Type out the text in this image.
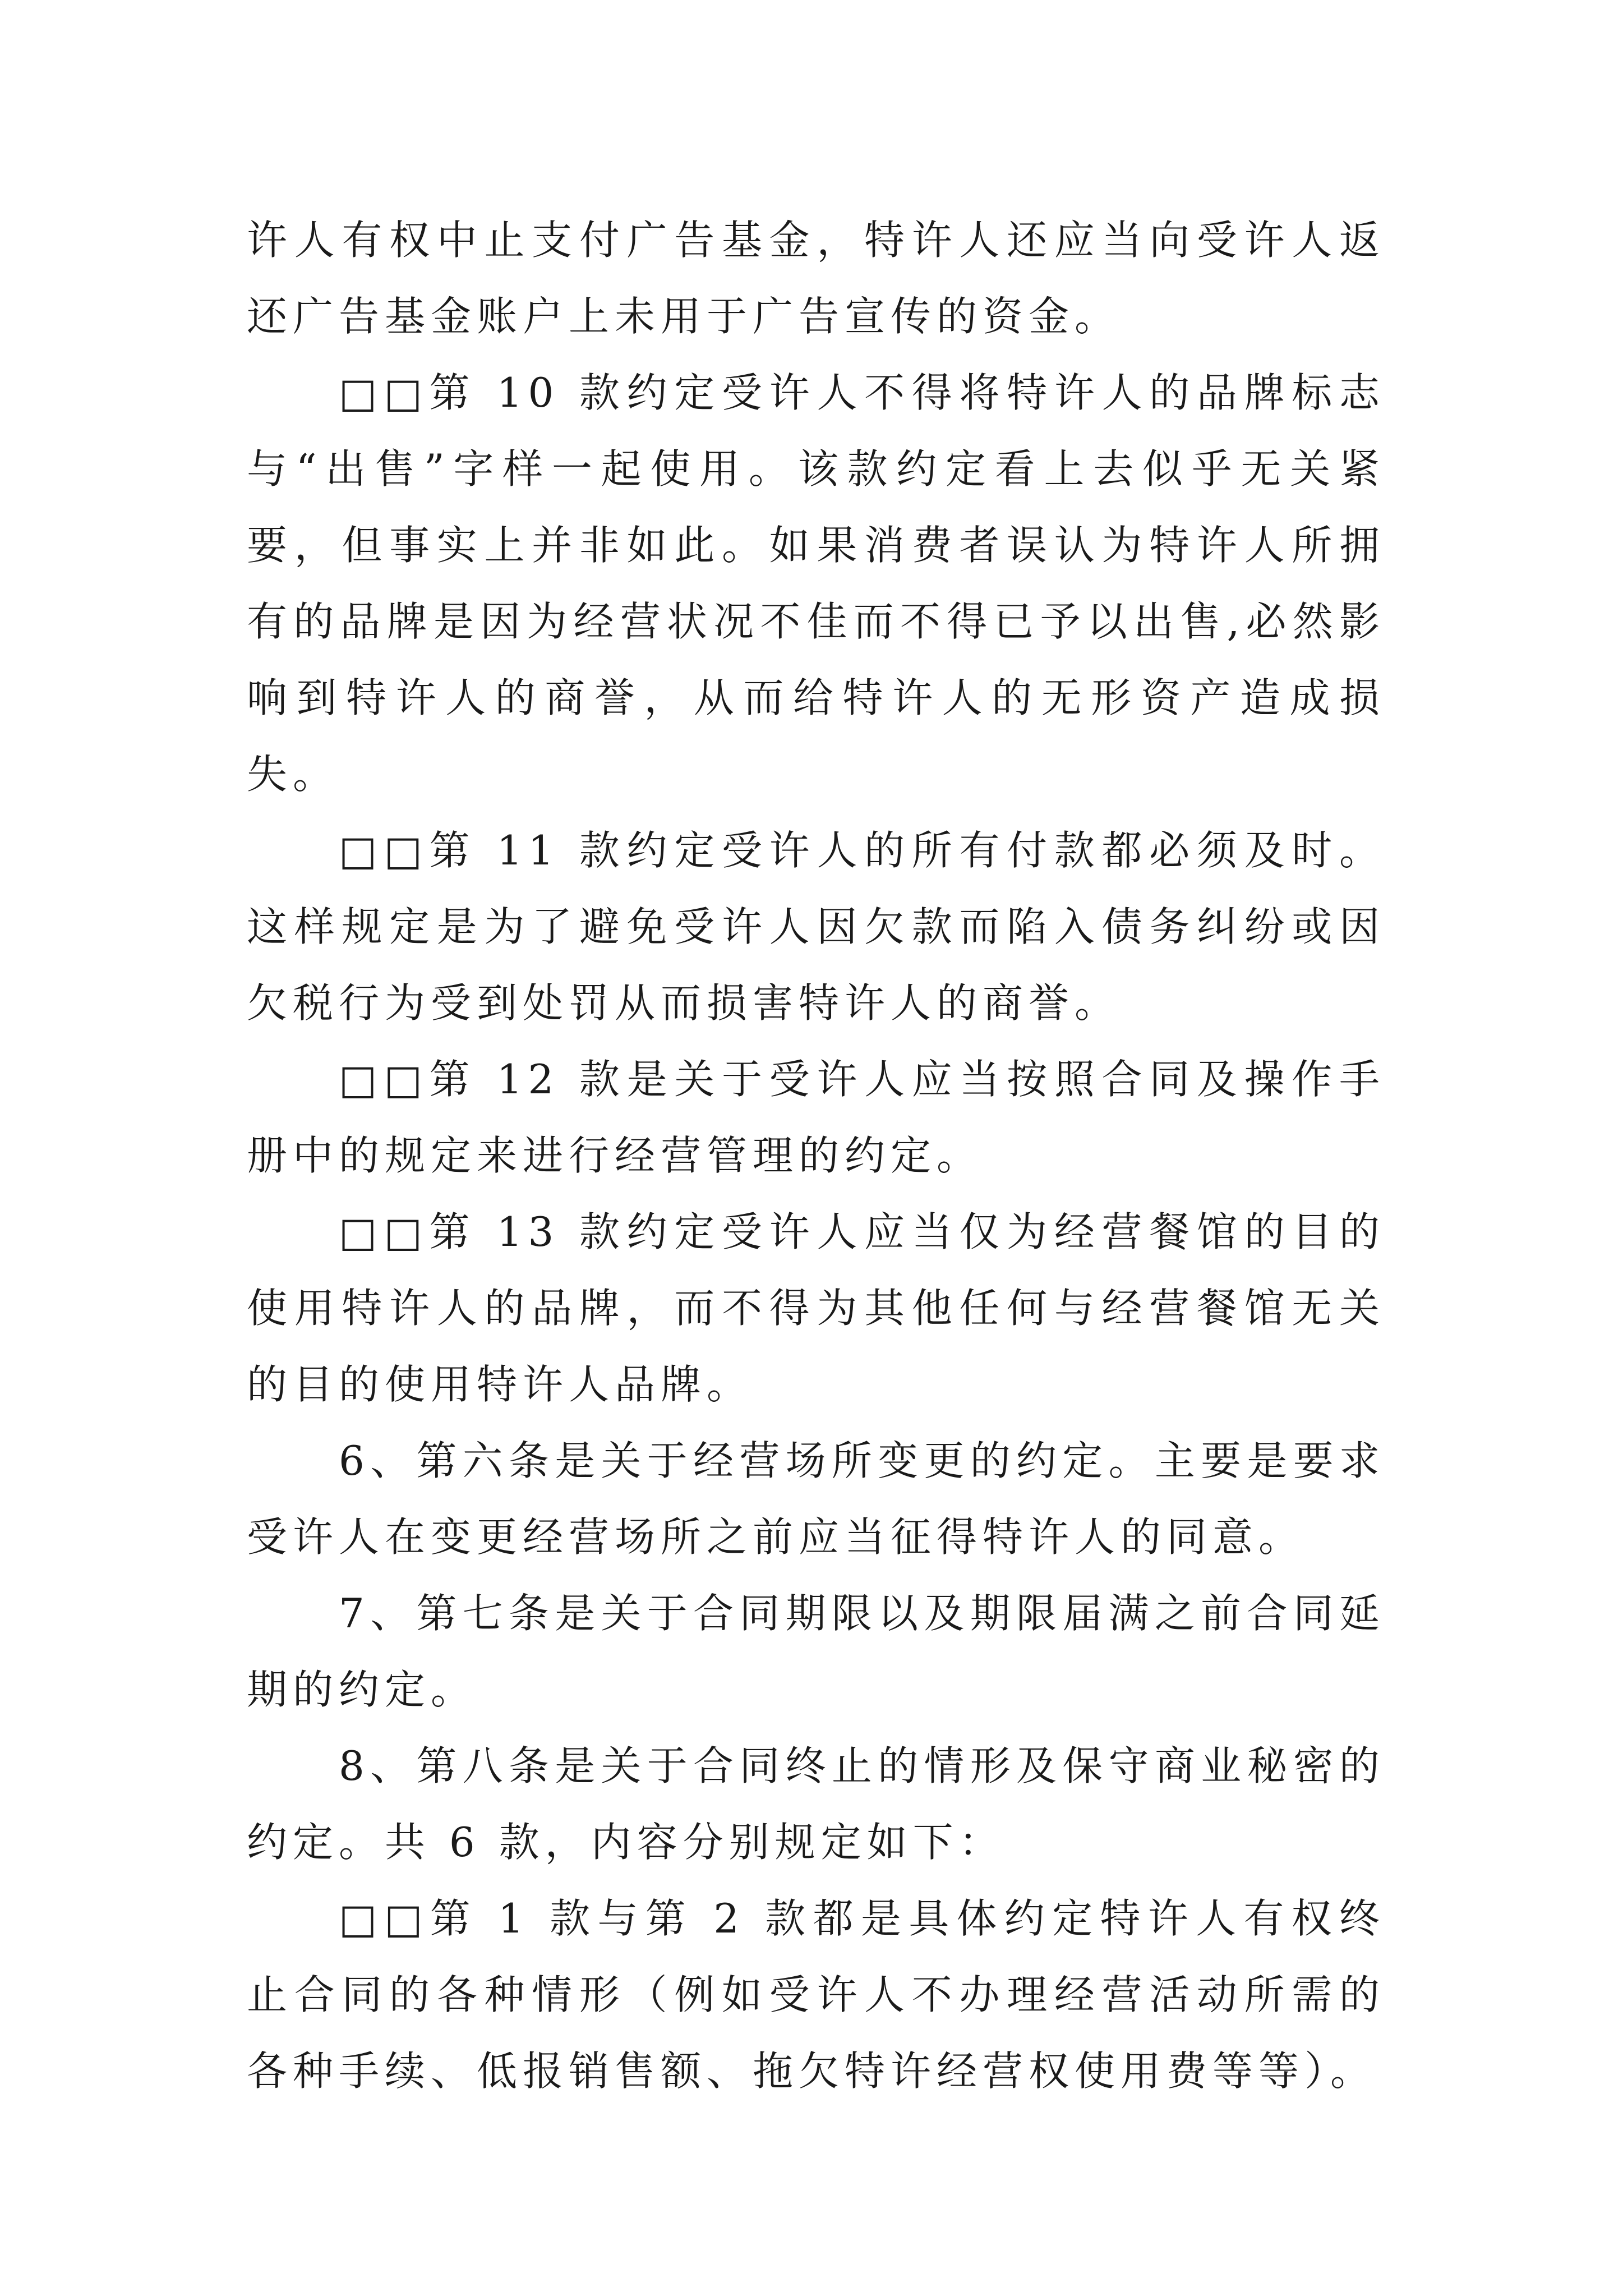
许人有权中止支付广告基金，特许人还应当向受许人返还广告基金账户上未用于广告宣传的资金。

□□第 10 款约定受许人不得将特许人的品牌标志与“出售”字样一起使用。该款约定看上去似乎无关紧要，但事实上并非如此。如果消费者误认为特许人所拥有的品牌是因为经营状况不佳而不得已予以出售,必然影响到特许人的商誉，从而给特许人的无形资产造成损失。

□□第 11 款约定受许人的所有付款都必须及时。这样规定是为了避免受许人因欠款而陷入债务纠纷或因欠税行为受到处罚从而损害特许人的商誉。

□□第 12 款是关于受许人应当按照合同及操作手册中的规定来进行经营管理的约定。

□□第 13 款约定受许人应当仅为经营餐馆的目的使用特许人的品牌，而不得为其他任何与经营餐馆无关的目的使用特许人品牌。

6、第六条是关于经营场所变更的约定。主要是要求受许人在变更经营场所之前应当征得特许人的同意。

7、第七条是关于合同期限以及期限届满之前合同延期的约定。

8、第八条是关于合同终止的情形及保守商业秘密的约定。共 6 款，内容分别规定如下：

□□第 1 款与第 2 款都是具体约定特许人有权终止合同的各种情形（例如受许人不办理经营活动所需的各种手续、低报销售额、拖欠特许经营权使用费等等）。
